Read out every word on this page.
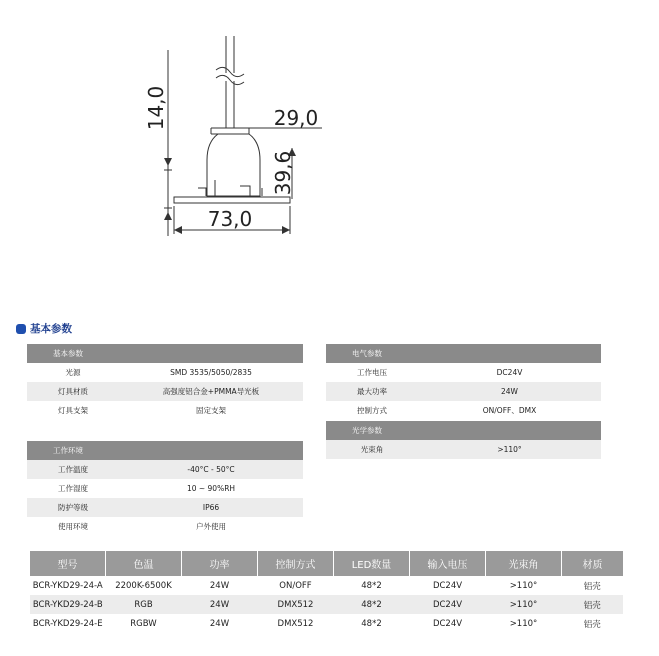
14,0	29,0
39,6
73,0
基本参数
基本参数
光源	SMD 3535/5050/2835
灯具材质	高强度铝合金+PMMA导光板
灯具支架	固定支架
工作环境
工作温度	-40°C - 50°C
工作湿度	10 ~ 90%RH
防护等级	IP66
使用环境	户外使用
电气参数
工作电压	DC24V
最大功率	24W
控制方式	ON/OFF、DMX
光学参数
光束角	>110°
型号	色温	功率	控制方式	LED数量	输入电压	光束角	材质
BCR-YKD29-24-A	2200K-6500K	24W	ON/OFF	48*2	DC24V	>110°	铝壳
BCR-YKD29-24-B	RGB	24W	DMX512	48*2	DC24V	>110°	铝壳
BCR-YKD29-24-E	RGBW	24W	DMX512	48*2	DC24V	>110°	铝壳
